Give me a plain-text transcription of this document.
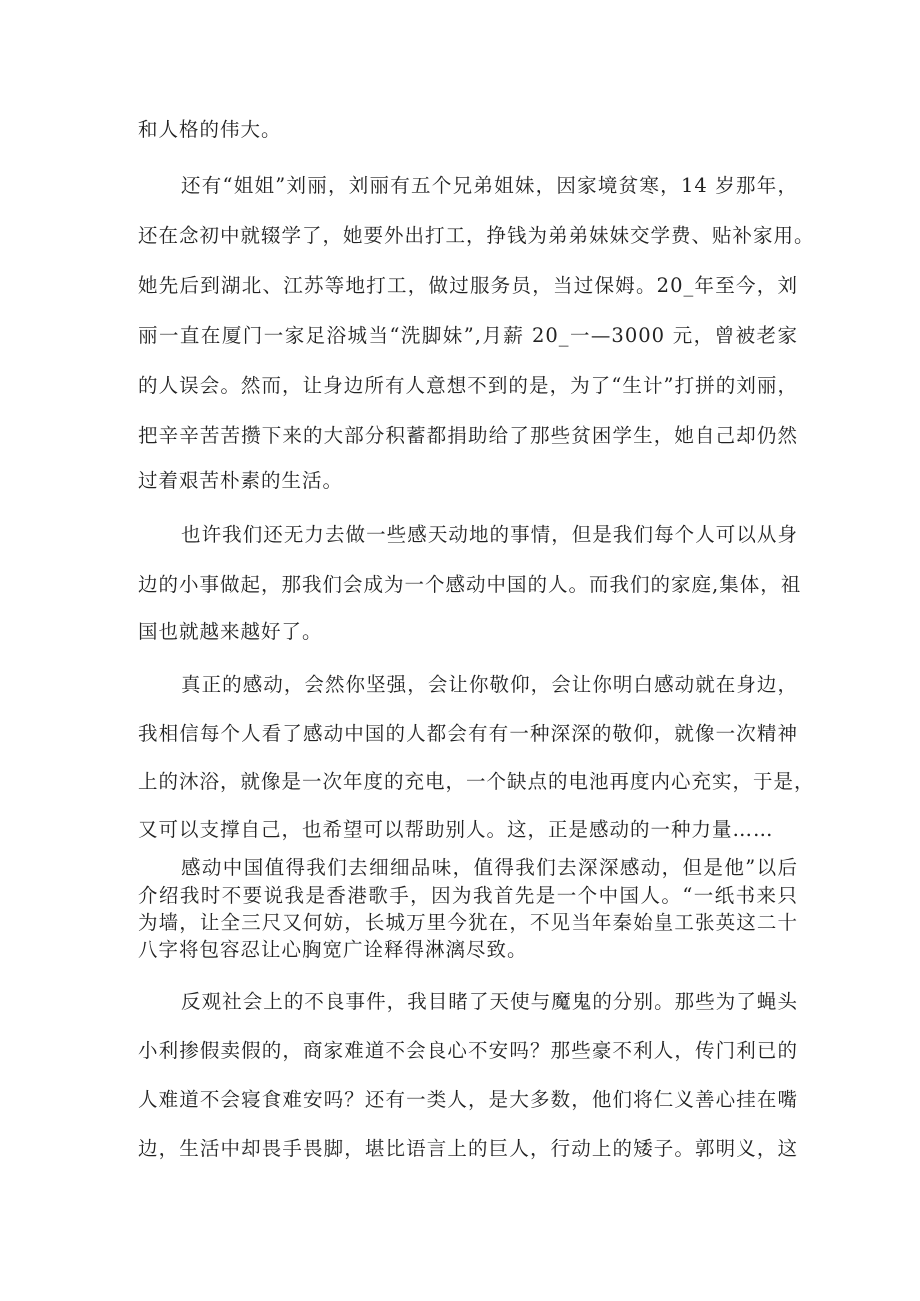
和人格的伟大。
还有“姐姐”刘丽，刘丽有五个兄弟姐妹，因家境贫寒，14 岁那年，
还在念初中就辍学了，她要外出打工，挣钱为弟弟妹妹交学费、贴补家用。
她先后到湖北、江苏等地打工，做过服务员，当过保姆。20_年至今，刘
丽一直在厦门一家足浴城当“洗脚妹”,月薪 20_一—3000 元，曾被老家
的人误会。然而，让身边所有人意想不到的是，为了“生计”打拼的刘丽，
把辛辛苦苦攒下来的大部分积蓄都捐助给了那些贫困学生，她自己却仍然
过着艰苦朴素的生活。
也许我们还无力去做一些感天动地的事情，但是我们每个人可以从身
边的小事做起，那我们会成为一个感动中国的人。而我们的家庭,集体，祖
国也就越来越好了。
真正的感动，会然你坚强，会让你敬仰，会让你明白感动就在身边，
我相信每个人看了感动中国的人都会有有一种深深的敬仰，就像一次精神
上的沐浴，就像是一次年度的充电，一个缺点的电池再度内心充实，于是，
又可以支撑自己，也希望可以帮助别人。这，正是感动的一种力量……
感动中国值得我们去细细品味，值得我们去深深感动，但是他”以后
介绍我时不要说我是香港歌手，因为我首先是一个中国人。“一纸书来只
为墙，让全三尺又何妨，长城万里今犹在，不见当年秦始皇工张英这二十
八字将包容忍让心胸宽广诠释得淋漓尽致。
反观社会上的不良事件，我目睹了天使与魔鬼的分别。那些为了蝇头
小利掺假卖假的，商家难道不会良心不安吗？那些豪不利人，传门利已的
人难道不会寝食难安吗？还有一类人，是大多数，他们将仁义善心挂在嘴
边，生活中却畏手畏脚，堪比语言上的巨人，行动上的矮子。郭明义，这
